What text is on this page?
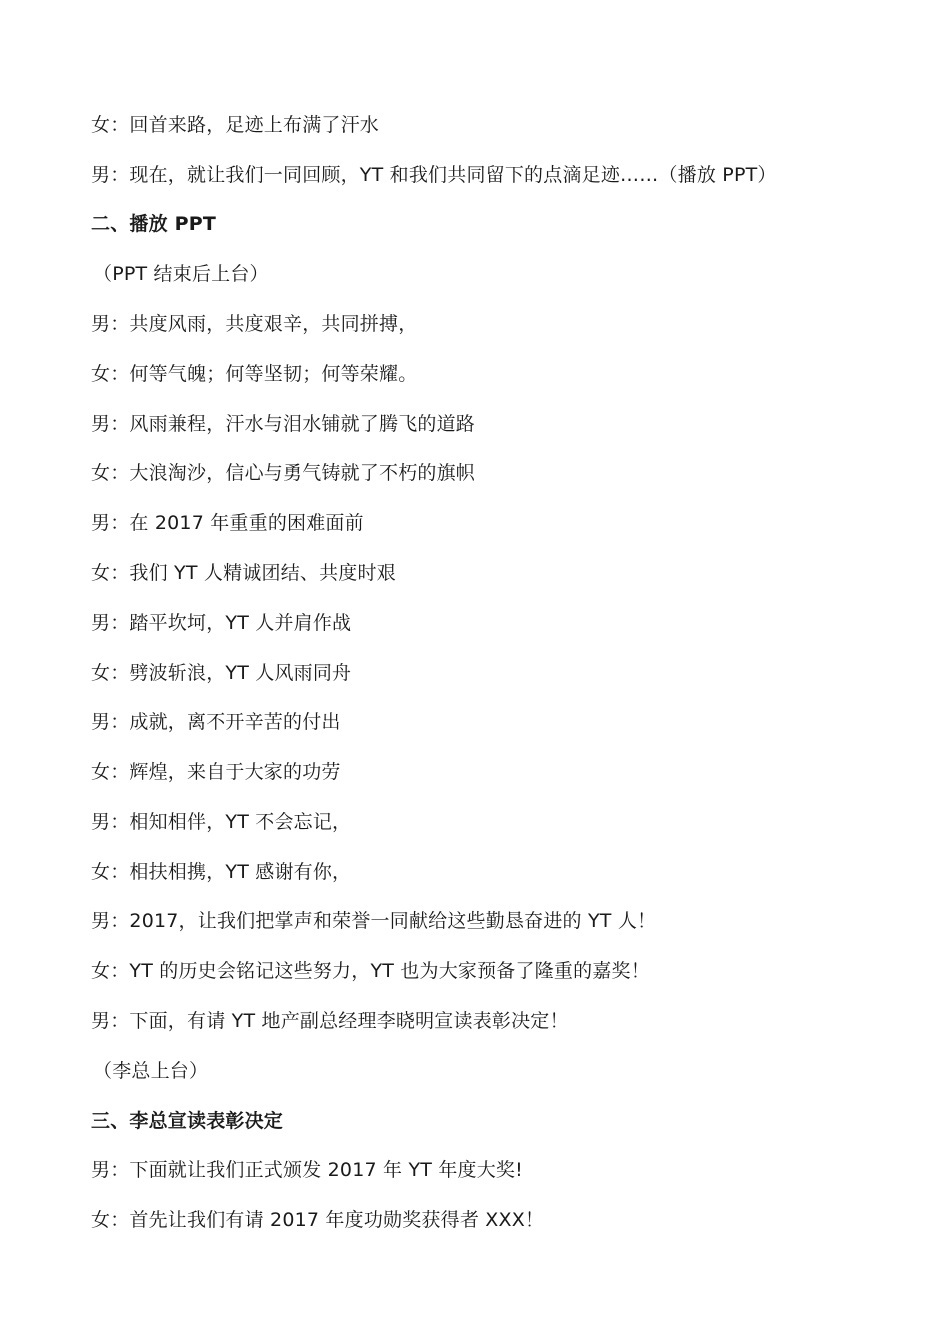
女：回首来路，足迹上布满了汗水
男：现在，就让我们一同回顾，YT 和我们共同留下的点滴足迹……（播放 PPT）
二、播放 PPT
（PPT 结束后上台）
男：共度风雨，共度艰辛，共同拼搏，
女：何等气魄；何等坚韧；何等荣耀。
男：风雨兼程，汗水与泪水铺就了腾飞的道路
女：大浪淘沙，信心与勇气铸就了不朽的旗帜
男：在 2017 年重重的困难面前
女：我们 YT 人精诚团结、共度时艰
男：踏平坎坷，YT 人并肩作战
女：劈波斩浪，YT 人风雨同舟
男：成就，离不开辛苦的付出
女：辉煌，来自于大家的功劳
男：相知相伴，YT 不会忘记，
女：相扶相携，YT 感谢有你，
男：2017，让我们把掌声和荣誉一同献给这些勤恳奋进的 YT 人！
女：YT 的历史会铭记这些努力，YT 也为大家预备了隆重的嘉奖！
男：下面，有请 YT 地产副总经理李晓明宣读表彰决定！
（李总上台）
三、李总宣读表彰决定
男：下面就让我们正式颁发 2017 年 YT 年度大奖!
女：首先让我们有请 2017 年度功勋奖获得者 XXX！
